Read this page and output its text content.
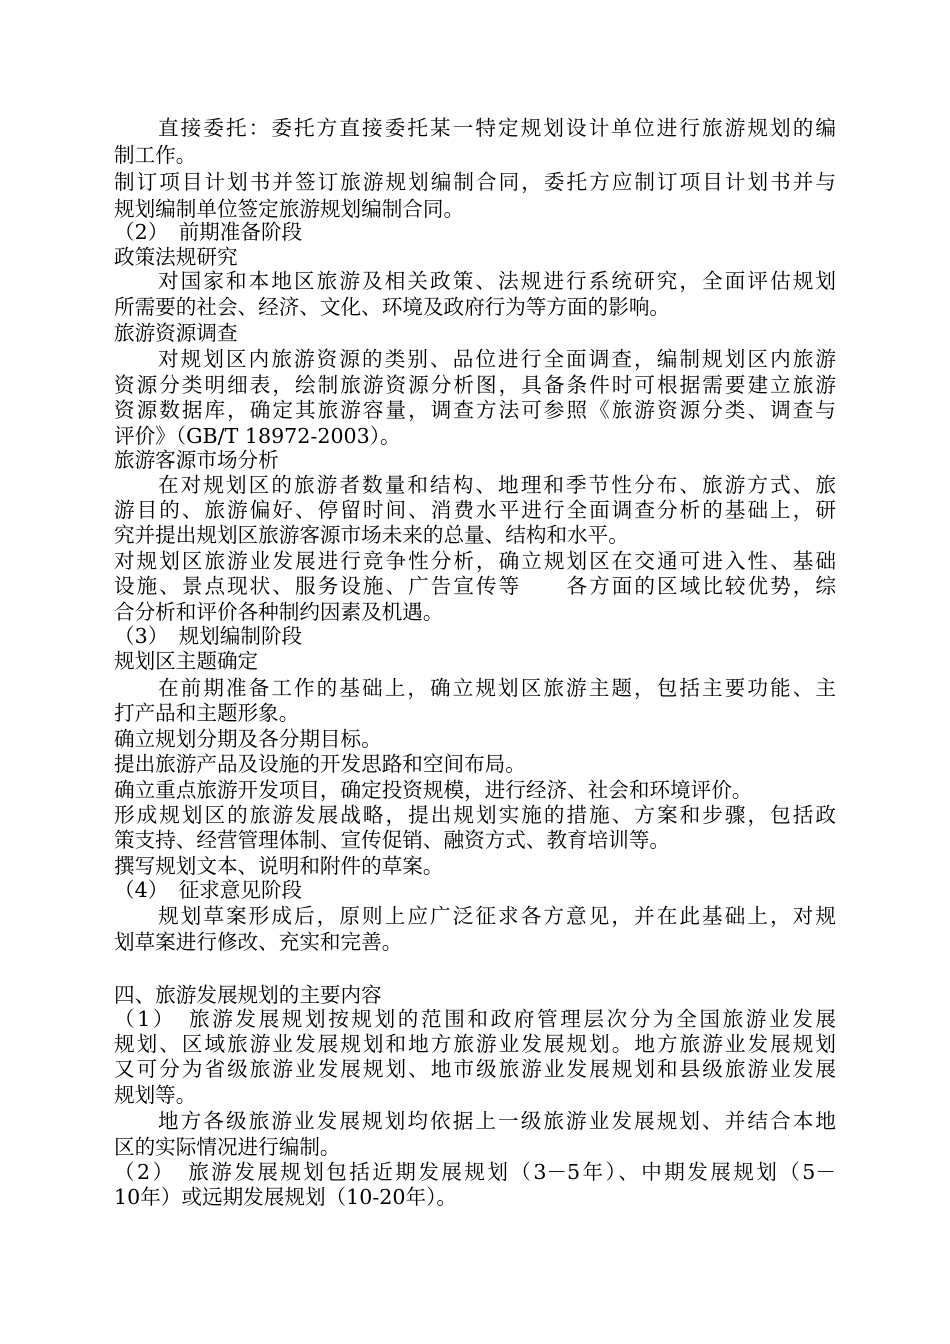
直接委托：委托方直接委托某一特定规划设计单位进行旅游规划的编

制工作。

制订项目计划书并签订旅游规划编制合同，委托方应制订项目计划书并与

规划编制单位签定旅游规划编制合同。

（2）　前期准备阶段

政策法规研究

对国家和本地区旅游及相关政策、法规进行系统研究，全面评估规划

所需要的社会、经济、文化、环境及政府行为等方面的影响。

旅游资源调查

对规划区内旅游资源的类别、品位进行全面调查，编制规划区内旅游

资源分类明细表，绘制旅游资源分析图，具备条件时可根据需要建立旅游

资源数据库，确定其旅游容量，调查方法可参照《旅游资源分类、调查与

评价》（GB/T 18972-2003）。

旅游客源市场分析

在对规划区的旅游者数量和结构、地理和季节性分布、旅游方式、旅

游目的、旅游偏好、停留时间、消费水平进行全面调查分析的基础上，研

究并提出规划区旅游客源市场未来的总量、结构和水平。

对规划区旅游业发展进行竞争性分析，确立规划区在交通可进入性、基础

设施、景点现状、服务设施、广告宣传等　　各方面的区域比较优势，综

合分析和评价各种制约因素及机遇。

（3）　规划编制阶段

规划区主题确定

在前期准备工作的基础上，确立规划区旅游主题，包括主要功能、主

打产品和主题形象。

确立规划分期及各分期目标。

提出旅游产品及设施的开发思路和空间布局。

确立重点旅游开发项目，确定投资规模，进行经济、社会和环境评价。

形成规划区的旅游发展战略，提出规划实施的措施、方案和步骤，包括政

策支持、经营管理体制、宣传促销、融资方式、教育培训等。

撰写规划文本、说明和附件的草案。

（4）　征求意见阶段

规划草案形成后，原则上应广泛征求各方意见，并在此基础上，对规

划草案进行修改、充实和完善。

四、旅游发展规划的主要内容

（1）　旅游发展规划按规划的范围和政府管理层次分为全国旅游业发展

规划、区域旅游业发展规划和地方旅游业发展规划。地方旅游业发展规划

又可分为省级旅游业发展规划、地市级旅游业发展规划和县级旅游业发展

规划等。

地方各级旅游业发展规划均依据上一级旅游业发展规划、并结合本地

区的实际情况进行编制。

（2）　旅游发展规划包括近期发展规划（3－5年）、中期发展规划（5－

10年）或远期发展规划（10-20年）。
